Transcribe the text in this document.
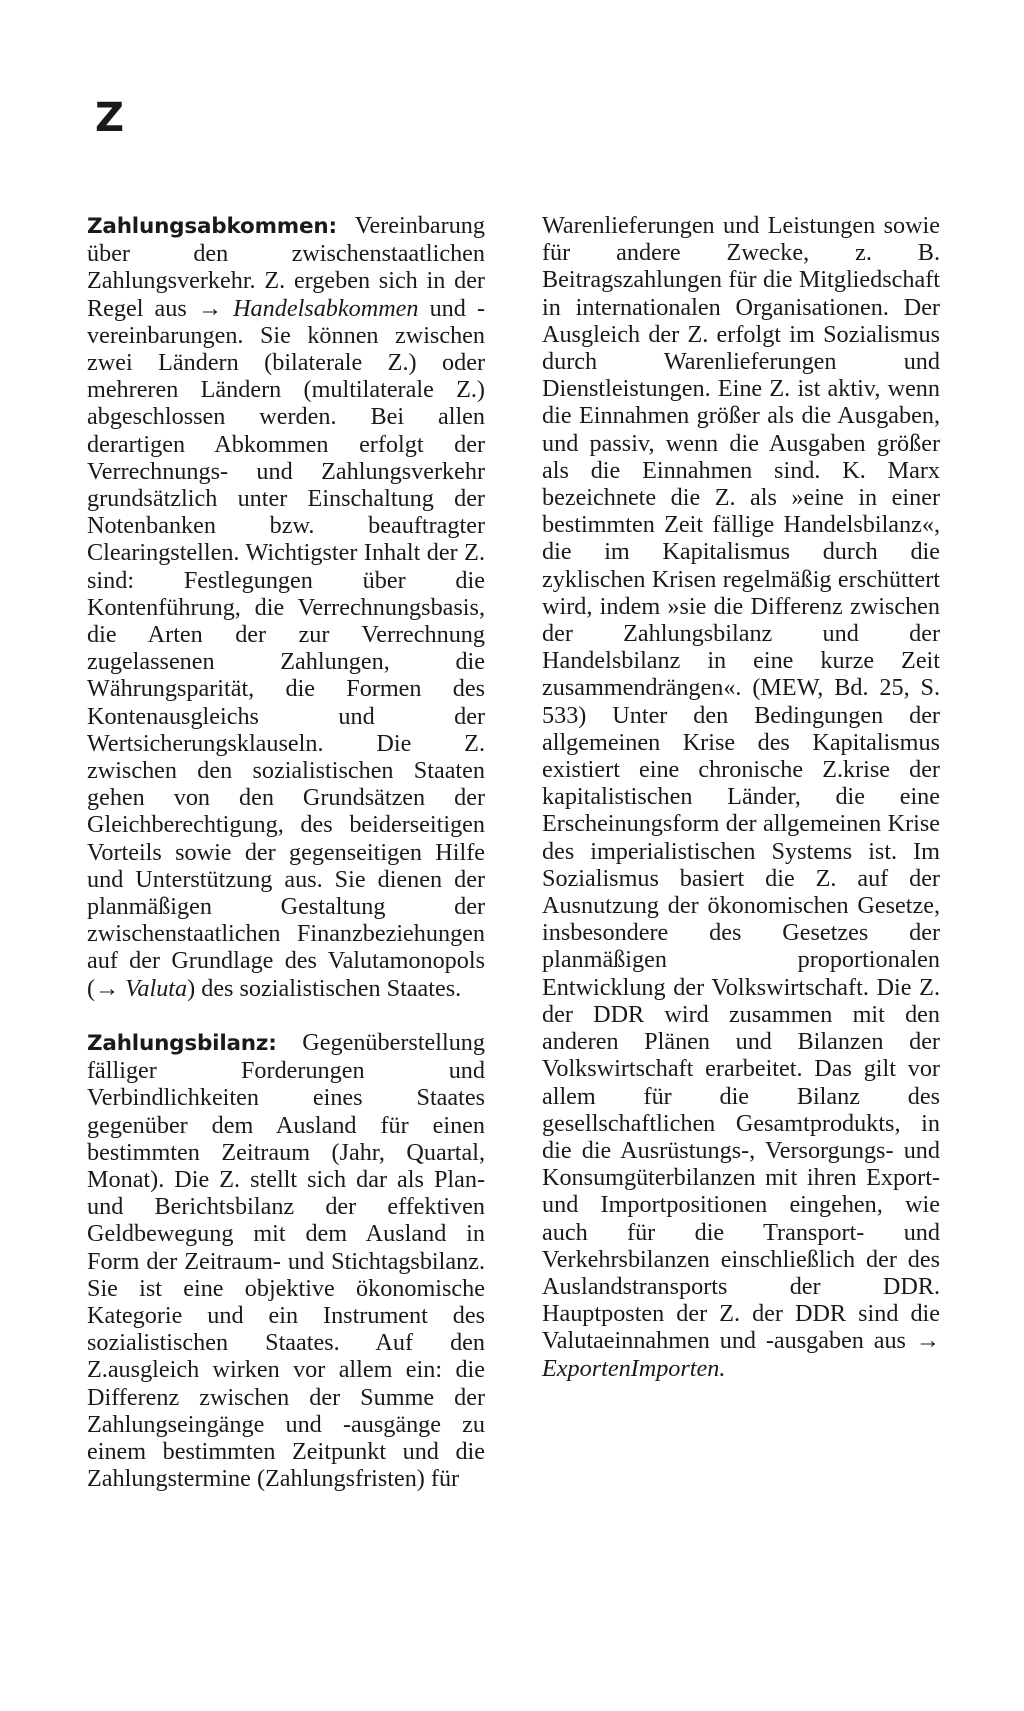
Z

Zahlungsabkommen: Vereinbarung über den zwischenstaatlichen Zahlungsverkehr. Z. ergeben sich in der Regel aus → Handelsabkommen und -vereinbarungen. Sie können zwischen zwei Ländern (bilaterale Z.) oder mehreren Ländern (multilaterale Z.) abgeschlossen werden. Bei allen derartigen Abkommen erfolgt der Verrechnungs- und Zahlungsverkehr grundsätzlich unter Einschaltung der Notenbanken bzw. beauftragter Clearingstellen. Wichtigster Inhalt der Z. sind: Festlegungen über die Kontenführung, die Verrechnungsbasis, die Arten der zur Verrechnung zugelassenen Zahlungen, die Währungsparität, die Formen des Kontenausgleichs und der Wertsicherungsklauseln. Die Z. zwischen den sozialistischen Staaten gehen von den Grundsätzen der Gleichberechtigung, des beiderseitigen Vorteils sowie der gegenseitigen Hilfe und Unterstützung aus. Sie dienen der planmäßigen Gestaltung der zwischenstaatlichen Finanzbeziehungen auf der Grundlage des Valutamonopols (→ Valuta) des sozialistischen Staates.

Zahlungsbilanz: Gegenüberstellung fälliger Forderungen und Verbindlichkeiten eines Staates gegenüber dem Ausland für einen bestimmten Zeitraum (Jahr, Quartal, Monat). Die Z. stellt sich dar als Plan- und Berichtsbilanz der effektiven Geldbewegung mit dem Ausland in Form der Zeitraum- und Stichtagsbilanz. Sie ist eine objektive ökonomische Kategorie und ein Instrument des sozialistischen Staates. Auf den Z.ausgleich wirken vor allem ein: die Differenz zwischen der Summe der Zahlungseingänge und -ausgänge zu einem bestimmten Zeitpunkt und die Zahlungstermine (Zahlungsfristen) für

Warenlieferungen und Leistungen sowie für andere Zwecke, z. B. Beitragszahlungen für die Mitgliedschaft in internationalen Organisationen. Der Ausgleich der Z. erfolgt im Sozialismus durch Warenlieferungen und Dienstleistungen. Eine Z. ist aktiv, wenn die Einnahmen größer als die Ausgaben, und passiv, wenn die Ausgaben größer als die Einnahmen sind. K. Marx bezeichnete die Z. als »eine in einer bestimmten Zeit fällige Handelsbilanz«, die im Kapitalismus durch die zyklischen Krisen regelmäßig erschüttert wird, indem »sie die Differenz zwischen der Zahlungsbilanz und der Handelsbilanz in eine kurze Zeit zusammendrängen«. (MEW, Bd. 25, S. 533) Unter den Bedingungen der allgemeinen Krise des Kapitalismus existiert eine chronische Z.krise der kapitalistischen Länder, die eine Erscheinungsform der allgemeinen Krise des imperialistischen Systems ist. Im Sozialismus basiert die Z. auf der Ausnutzung der ökonomischen Gesetze, insbesondere des Gesetzes der planmäßigen proportionalen Entwicklung der Volkswirtschaft. Die Z. der DDR wird zusammen mit den anderen Plänen und Bilanzen der Volkswirtschaft erarbeitet. Das gilt vor allem für die Bilanz des gesellschaftlichen Gesamtprodukts, in die die Ausrüstungs-, Versorgungs- und Konsumgüterbilanzen mit ihren Export- und Importpositionen eingehen, wie auch für die Transport- und Verkehrsbilanzen einschließlich der des Auslandstransports der DDR. Hauptposten der Z. der DDR sind die Valutaeinnahmen und -ausgaben aus → ExportenImporten.
